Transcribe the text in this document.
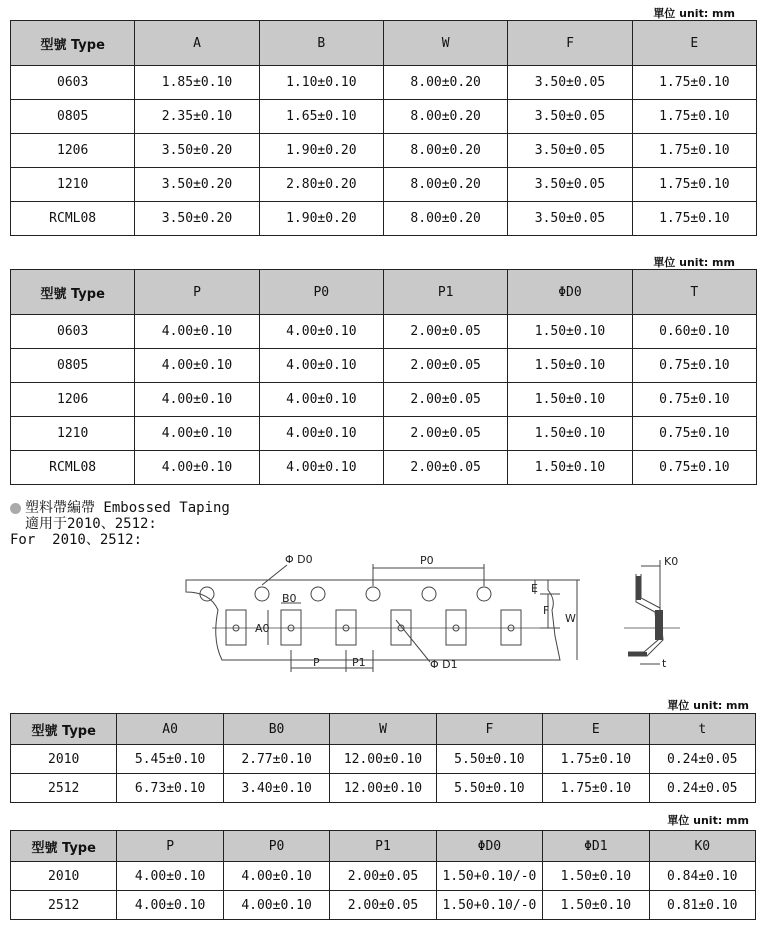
單位 unit: mm
型號 Type	A	B	W	F	E
0603	1.85±0.10	1.10±0.10	8.00±0.20	3.50±0.05	1.75±0.10
0805	2.35±0.10	1.65±0.10	8.00±0.20	3.50±0.05	1.75±0.10
1206	3.50±0.20	1.90±0.20	8.00±0.20	3.50±0.05	1.75±0.10
1210	3.50±0.20	2.80±0.20	8.00±0.20	3.50±0.05	1.75±0.10
RCML08	3.50±0.20	1.90±0.20	8.00±0.20	3.50±0.05	1.75±0.10
單位 unit: mm
型號 Type	P	P0	P1	ΦD0	T
0603	4.00±0.10	4.00±0.10	2.00±0.05	1.50±0.10	0.60±0.10
0805	4.00±0.10	4.00±0.10	2.00±0.05	1.50±0.10	0.75±0.10
1206	4.00±0.10	4.00±0.10	2.00±0.05	1.50±0.10	0.75±0.10
1210	4.00±0.10	4.00±0.10	2.00±0.05	1.50±0.10	0.75±0.10
RCML08	4.00±0.10	4.00±0.10	2.00±0.05	1.50±0.10	0.75±0.10
塑料帶編帶 Embossed Taping
適用于2010、2512:
For  2010、2512:
Φ D0	P0
B0
A0
P	P1	Φ D1
E
F
W
K0
t
單位 unit: mm
型號 Type	A0	B0	W	F	E	t
2010	5.45±0.10	2.77±0.10	12.00±0.10	5.50±0.10	1.75±0.10	0.24±0.05
2512	6.73±0.10	3.40±0.10	12.00±0.10	5.50±0.10	1.75±0.10	0.24±0.05
單位 unit: mm
型號 Type	P	P0	P1	ΦD0	ΦD1	K0
2010	4.00±0.10	4.00±0.10	2.00±0.05	1.50+0.10/-0	1.50±0.10	0.84±0.10
2512	4.00±0.10	4.00±0.10	2.00±0.05	1.50+0.10/-0	1.50±0.10	0.81±0.10
